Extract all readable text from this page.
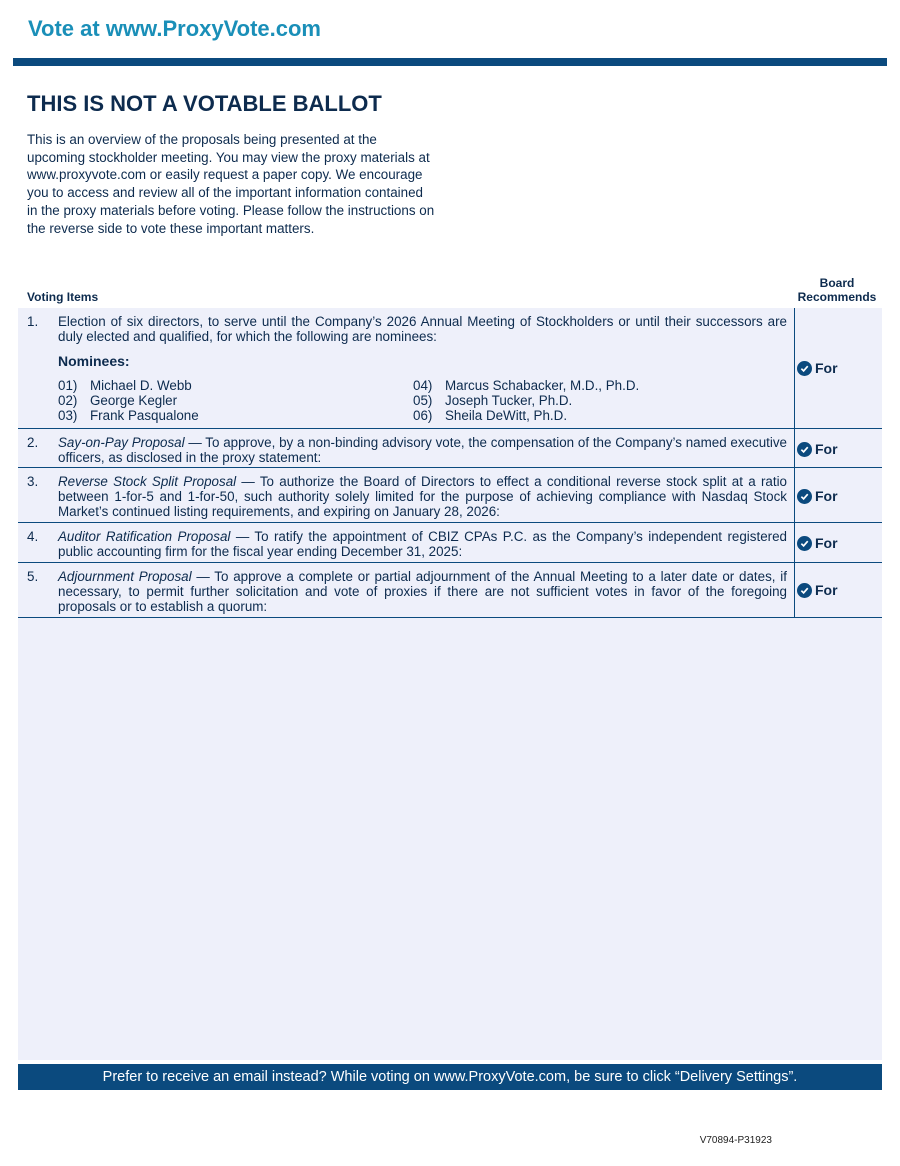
Vote at www.ProxyVote.com
THIS IS NOT A VOTABLE BALLOT

This is an overview of the proposals being presented at the upcoming stockholder meeting. You may view the proxy materials at www.proxyvote.com or easily request a paper copy. We encourage you to access and review all of the important information contained in the proxy materials before voting. Please follow the instructions on the reverse side to vote these important matters.

Voting Items
Board
Recommends
1. Election of six directors, to serve until the Company’s 2026 Annual Meeting of Stockholders or until their successors are duly elected and qualified, for which the following are nominees:

Nominees:
01) Michael D. Webb
02) George Kegler
03) Frank Pasqualone
04) Marcus Schabacker, M.D., Ph.D.
05) Joseph Tucker, Ph.D.
06) Sheila DeWitt, Ph.D.
For
2. Say-on-Pay Proposal — To approve, by a non-binding advisory vote, the compensation of the Company’s named executive officers, as disclosed in the proxy statement:

For
3. Reverse Stock Split Proposal — To authorize the Board of Directors to effect a conditional reverse stock split at a ratio between 1-for-5 and 1-for-50, such authority solely limited for the purpose of achieving compliance with Nasdaq Stock Market’s continued listing requirements, and expiring on January 28, 2026:

For
4. Auditor Ratification Proposal — To ratify the appointment of CBIZ CPAs P.C. as the Company’s independent registered public accounting firm for the fiscal year ending December 31, 2025:

For
5. Adjournment Proposal — To approve a complete or partial adjournment of the Annual Meeting to a later date or dates, if necessary, to permit further solicitation and vote of proxies if there are not sufficient votes in favor of the foregoing proposals or to establish a quorum:

For
Prefer to receive an email instead? While voting on www.ProxyVote.com, be sure to click “Delivery Settings”.
V70894-P31923
